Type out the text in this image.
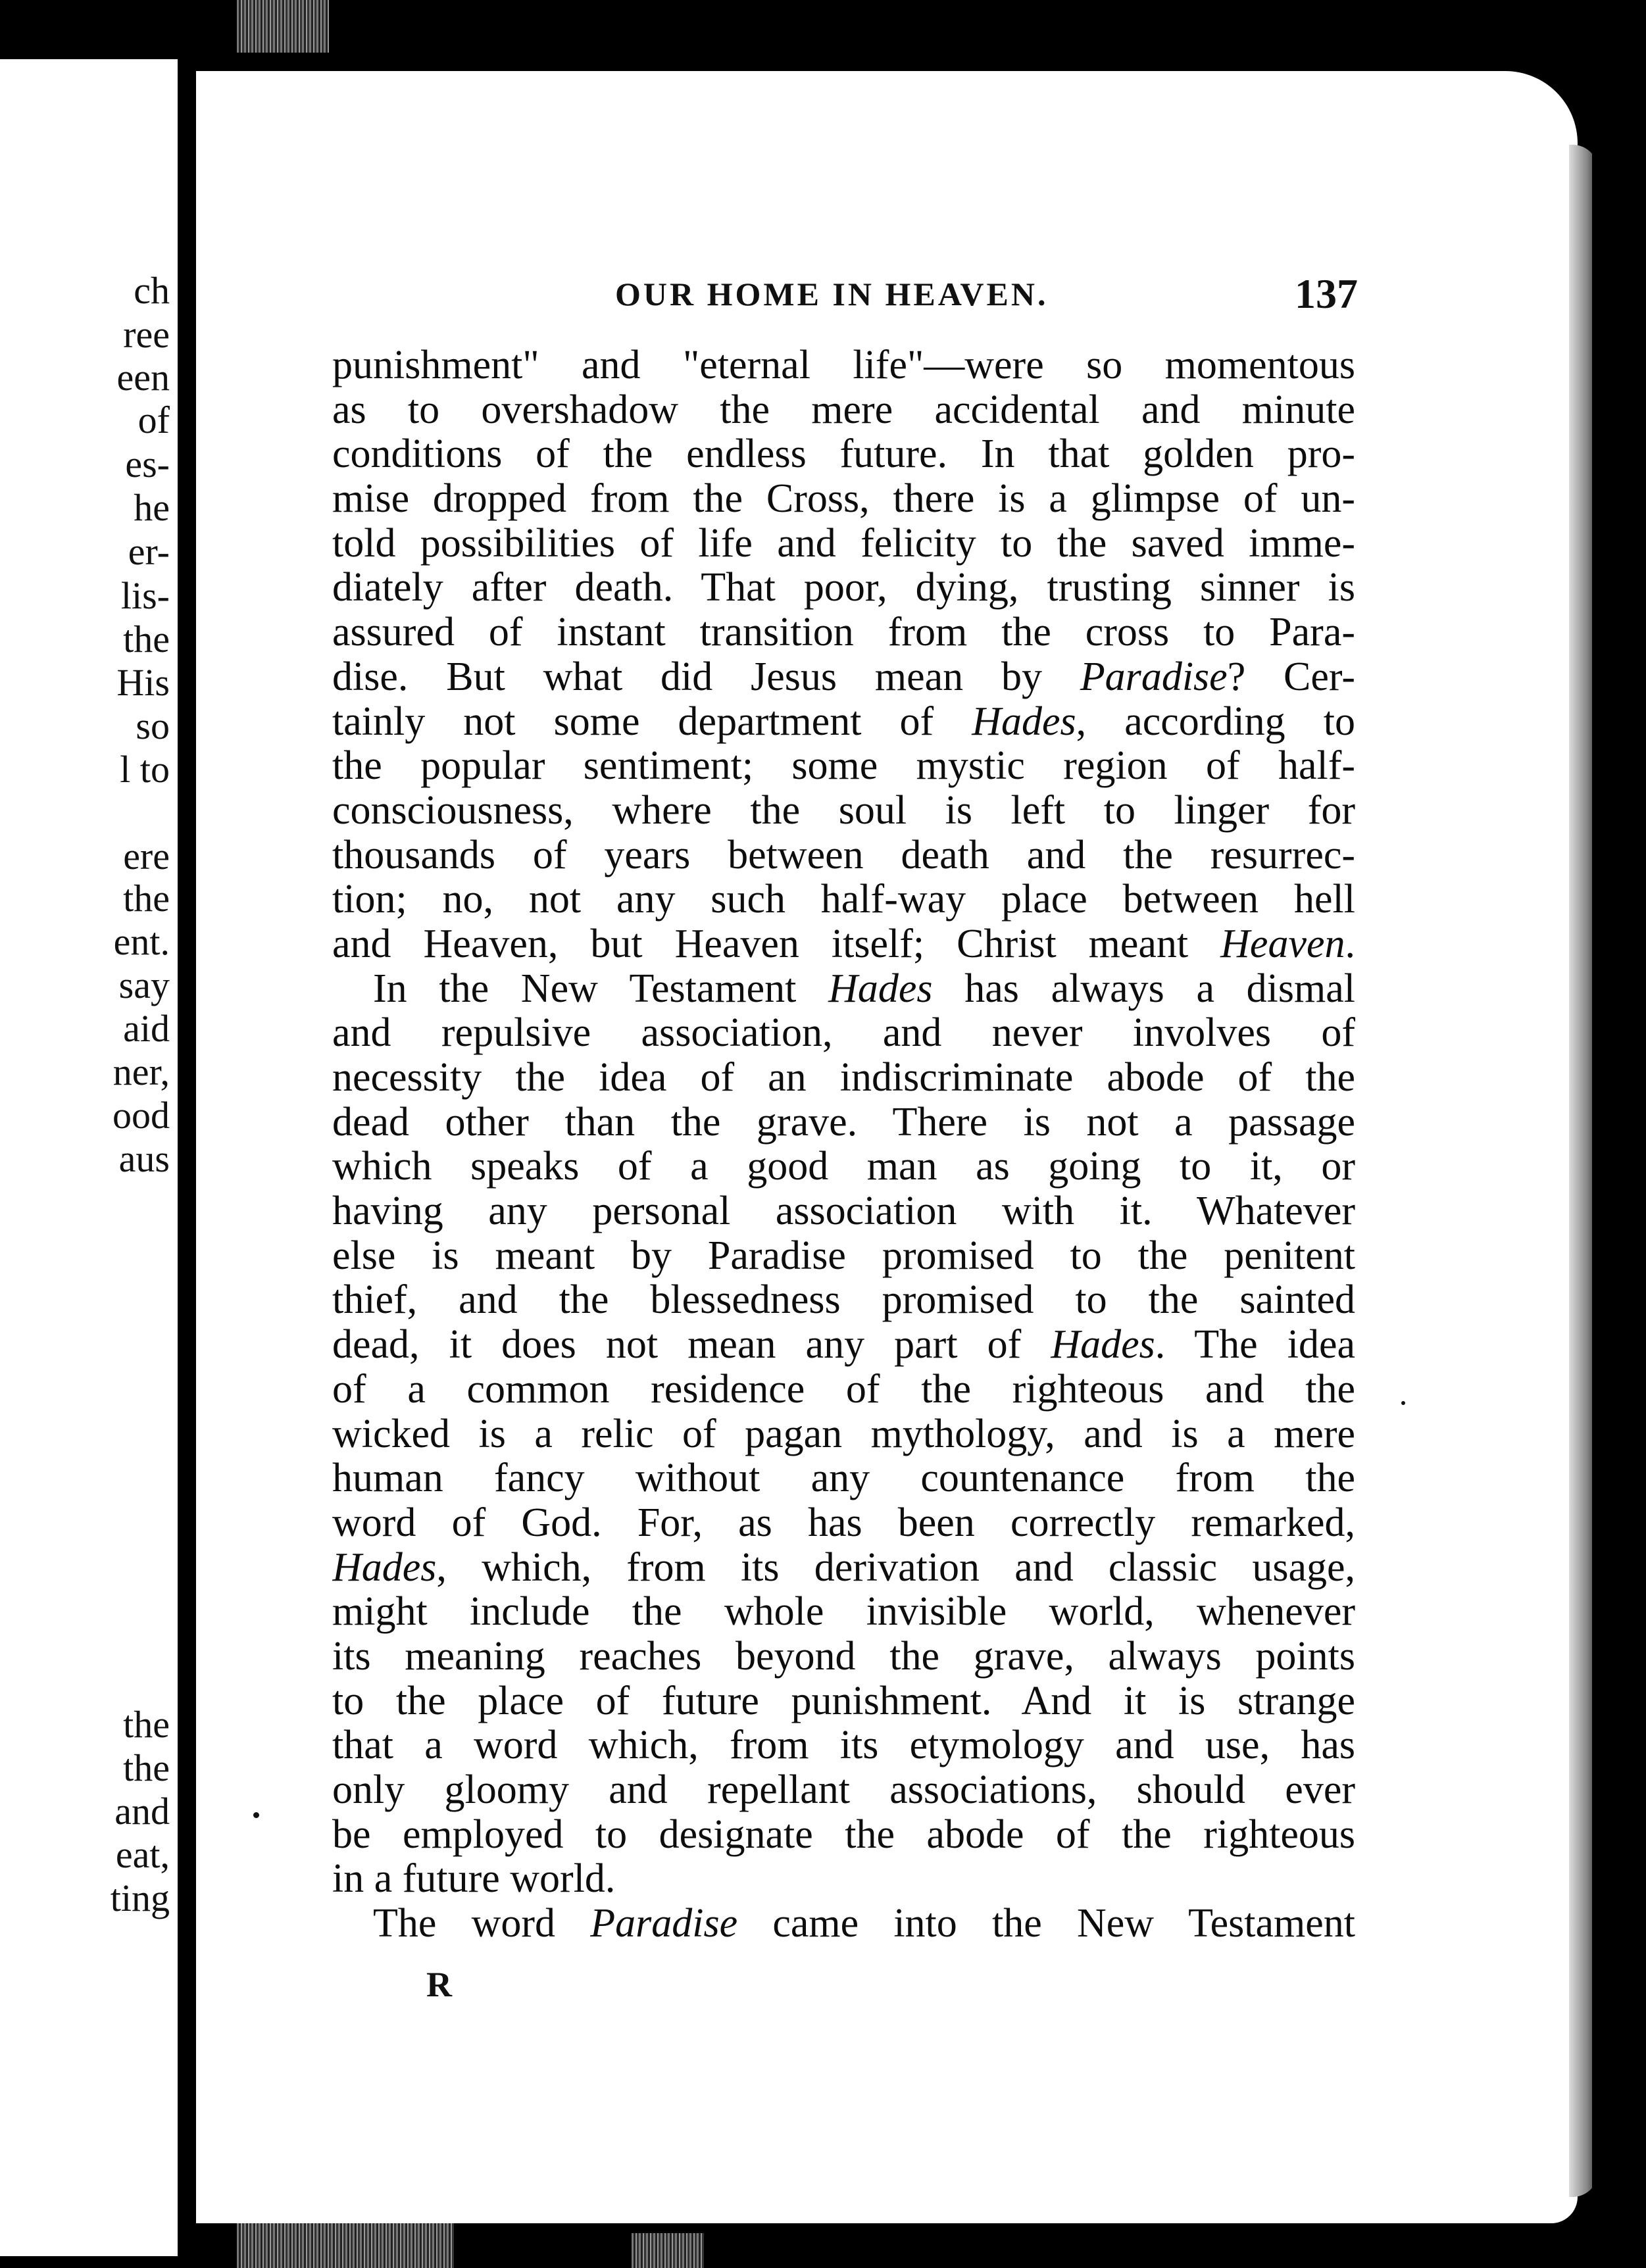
ch
ree
een
of
es-
he
er-
lis-
the
His
so
l to
ere
the
ent.
say
aid
ner,
ood
aus
the
the
and
eat,
ting
OUR HOME IN HEAVEN.	137
punishment" and "eternal life"—were so momentous
as to overshadow the mere accidental and minute
conditions of the endless future. In that golden pro-
mise dropped from the Cross, there is a glimpse of un-
told possibilities of life and felicity to the saved imme-
diately after death. That poor, dying, trusting sinner is
assured of instant transition from the cross to Para-
dise. But what did Jesus mean by Paradise? Cer-
tainly not some department of Hades, according to
the popular sentiment; some mystic region of half-
consciousness, where the soul is left to linger for
thousands of years between death and the resurrec-
tion; no, not any such half-way place between hell
and Heaven, but Heaven itself; Christ meant Heaven.
In the New Testament Hades has always a dismal
and repulsive association, and never involves of
necessity the idea of an indiscriminate abode of the
dead other than the grave. There is not a passage
which speaks of a good man as going to it, or
having any personal association with it. Whatever
else is meant by Paradise promised to the penitent
thief, and the blessedness promised to the sainted
dead, it does not mean any part of Hades. The idea
of a common residence of the righteous and the
wicked is a relic of pagan mythology, and is a mere
human fancy without any countenance from the
word of God. For, as has been correctly remarked,
Hades, which, from its derivation and classic usage,
might include the whole invisible world, whenever
its meaning reaches beyond the grave, always points
to the place of future punishment. And it is strange
that a word which, from its etymology and use, has
only gloomy and repellant associations, should ever
be employed to designate the abode of the righteous
in a future world.
The word Paradise came into the New Testament
R
